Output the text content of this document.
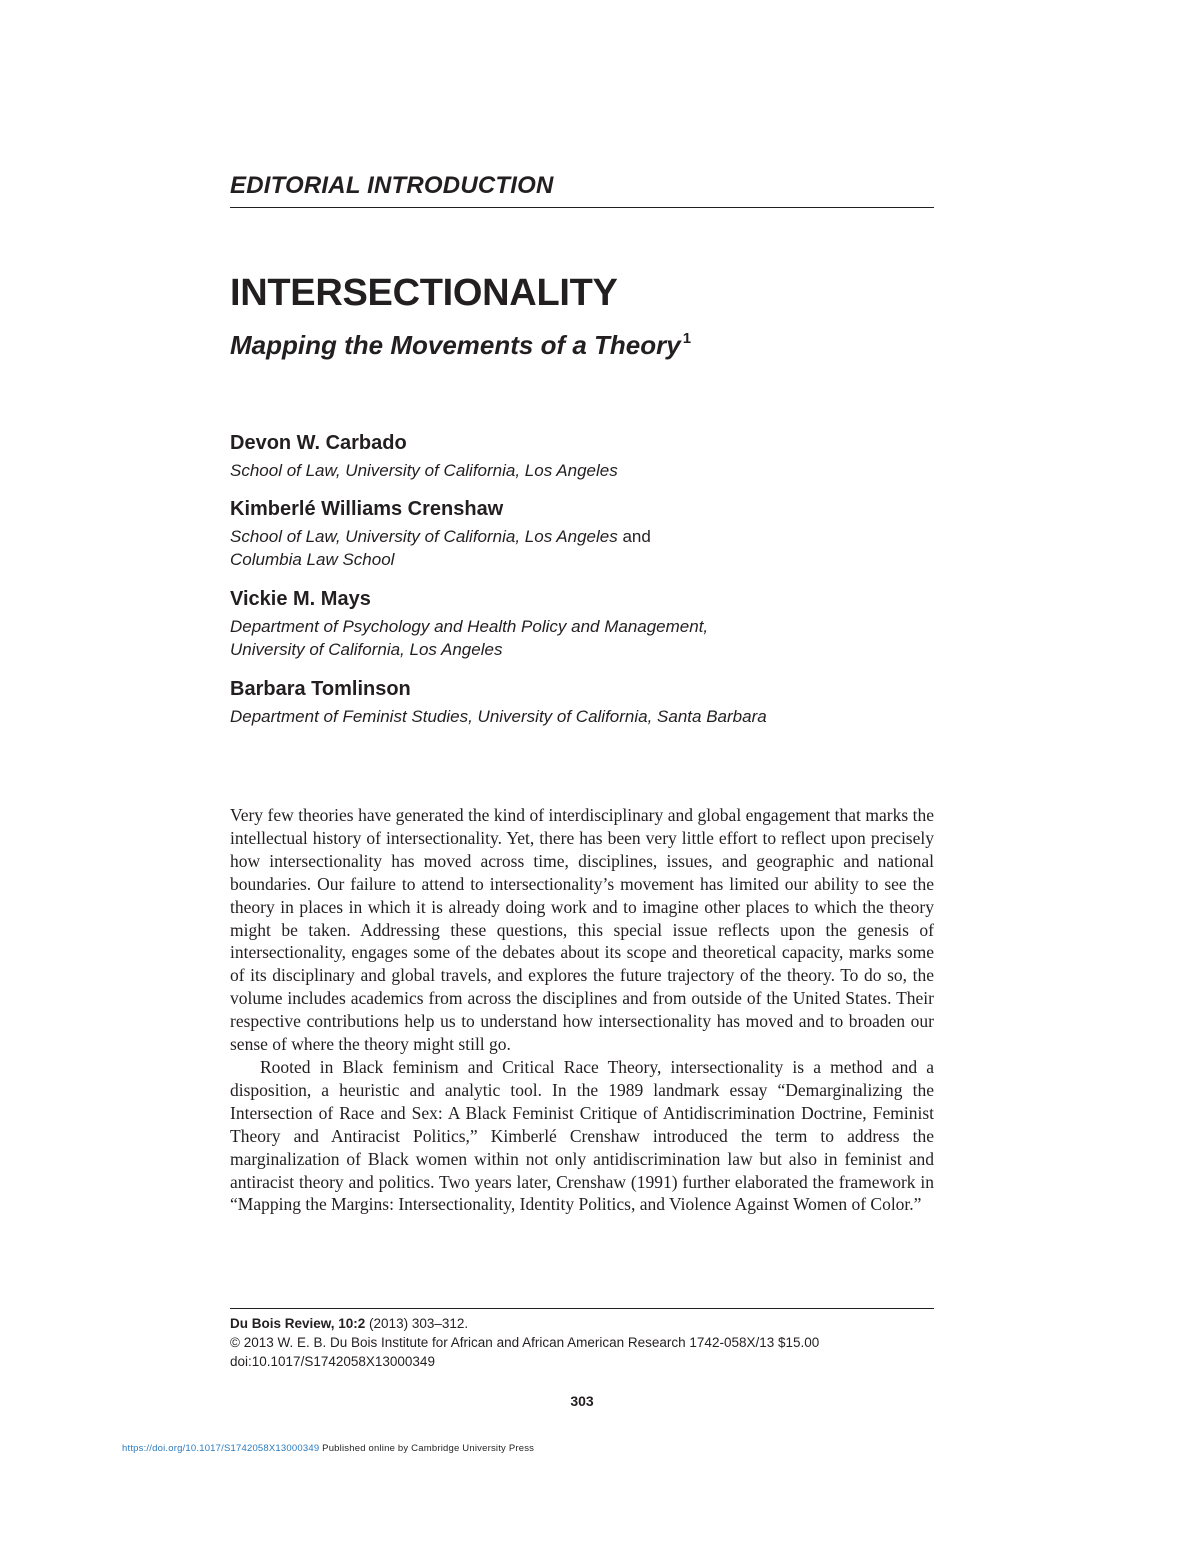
EDITORIAL INTRODUCTION
INTERSECTIONALITY
Mapping the Movements of a Theory $^1$

Devon W. Carbado

School of Law, University of California, Los Angeles

Kimberlé Williams Crenshaw

School of Law, University of California, Los Angeles and
Columbia Law School

Vickie M. Mays

Department of Psychology and Health Policy and Management,
University of California, Los Angeles

Barbara Tomlinson

Department of Feminist Studies, University of California, Santa Barbara

Very few theories have generated the kind of interdisciplinary and global engagement that marks the intellectual history of intersectionality. Yet, there has been very little effort to reflect upon precisely how intersectionality has moved across time, disciplines, issues, and geographic and national boundaries. Our failure to attend to intersectionality’s movement has limited our ability to see the theory in places in which it is already doing work and to imagine other places to which the theory might be taken. Addressing these questions, this special issue reflects upon the genesis of intersectionality, engages some of the debates about its scope and theoretical capacity, marks some of its disciplinary and global travels, and explores the future trajectory of the theory. To do so, the volume includes academics from across the disciplines and from outside of the United States. Their respective contributions help us to understand how intersectionality has moved and to broaden our sense of where the theory might still go.

Rooted in Black feminism and Critical Race Theory, intersectionality is a method and a disposition, a heuristic and analytic tool. In the 1989 landmark essay “Demarginalizing the Intersection of Race and Sex: A Black Feminist Critique of Antidiscrimination Doctrine, Feminist Theory and Antiracist Politics,” Kimberlé Crenshaw introduced the term to address the marginalization of Black women within not only antidiscrimination law but also in feminist and antiracist theory and politics. Two years later, Crenshaw (1991) further elaborated the framework in “Mapping the Margins: Intersectionality, Identity Politics, and Violence Against Women of Color.”

Du Bois Review, 10:2 (2013) 303–312.
© 2013 W. E. B. Du Bois Institute for African and African American Research 1742-058X/13 $15.00
doi:10.1017/S1742058X13000349

303

https://doi.org/10.1017/S1742058X13000349 Published online by Cambridge University Press
